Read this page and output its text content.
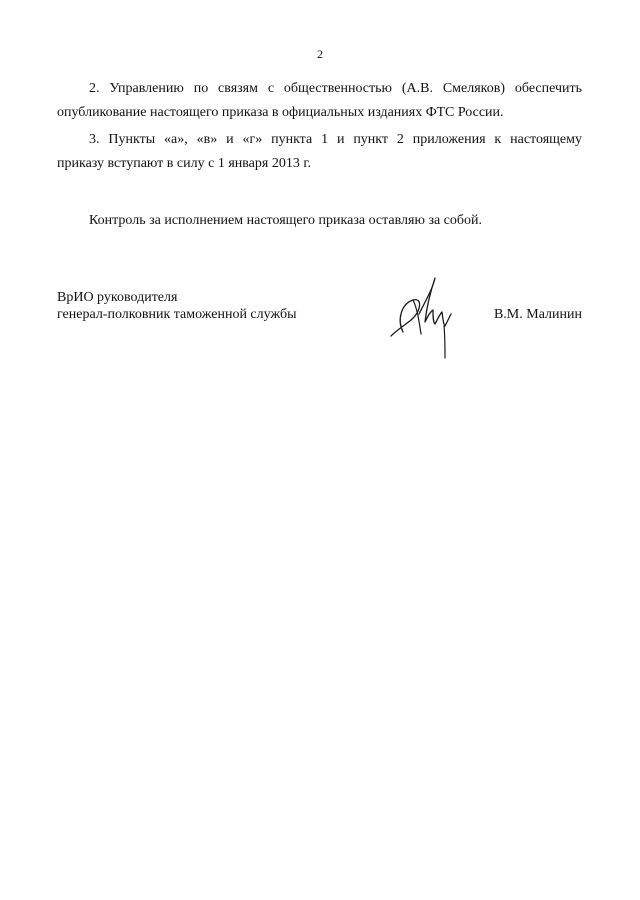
2
2. Управлению по связям с общественностью (А.В. Смеляков) обеспечить
опубликование настоящего приказа в официальных изданиях ФТС России.
3. Пункты «а», «в» и «г» пункта 1 и пункт 2 приложения к настоящему
приказу вступают в силу с 1 января 2013 г.
Контроль за исполнением настоящего приказа оставляю за собой.
ВрИО руководителя
генерал-полковник таможенной службы	В.М. Малинин
